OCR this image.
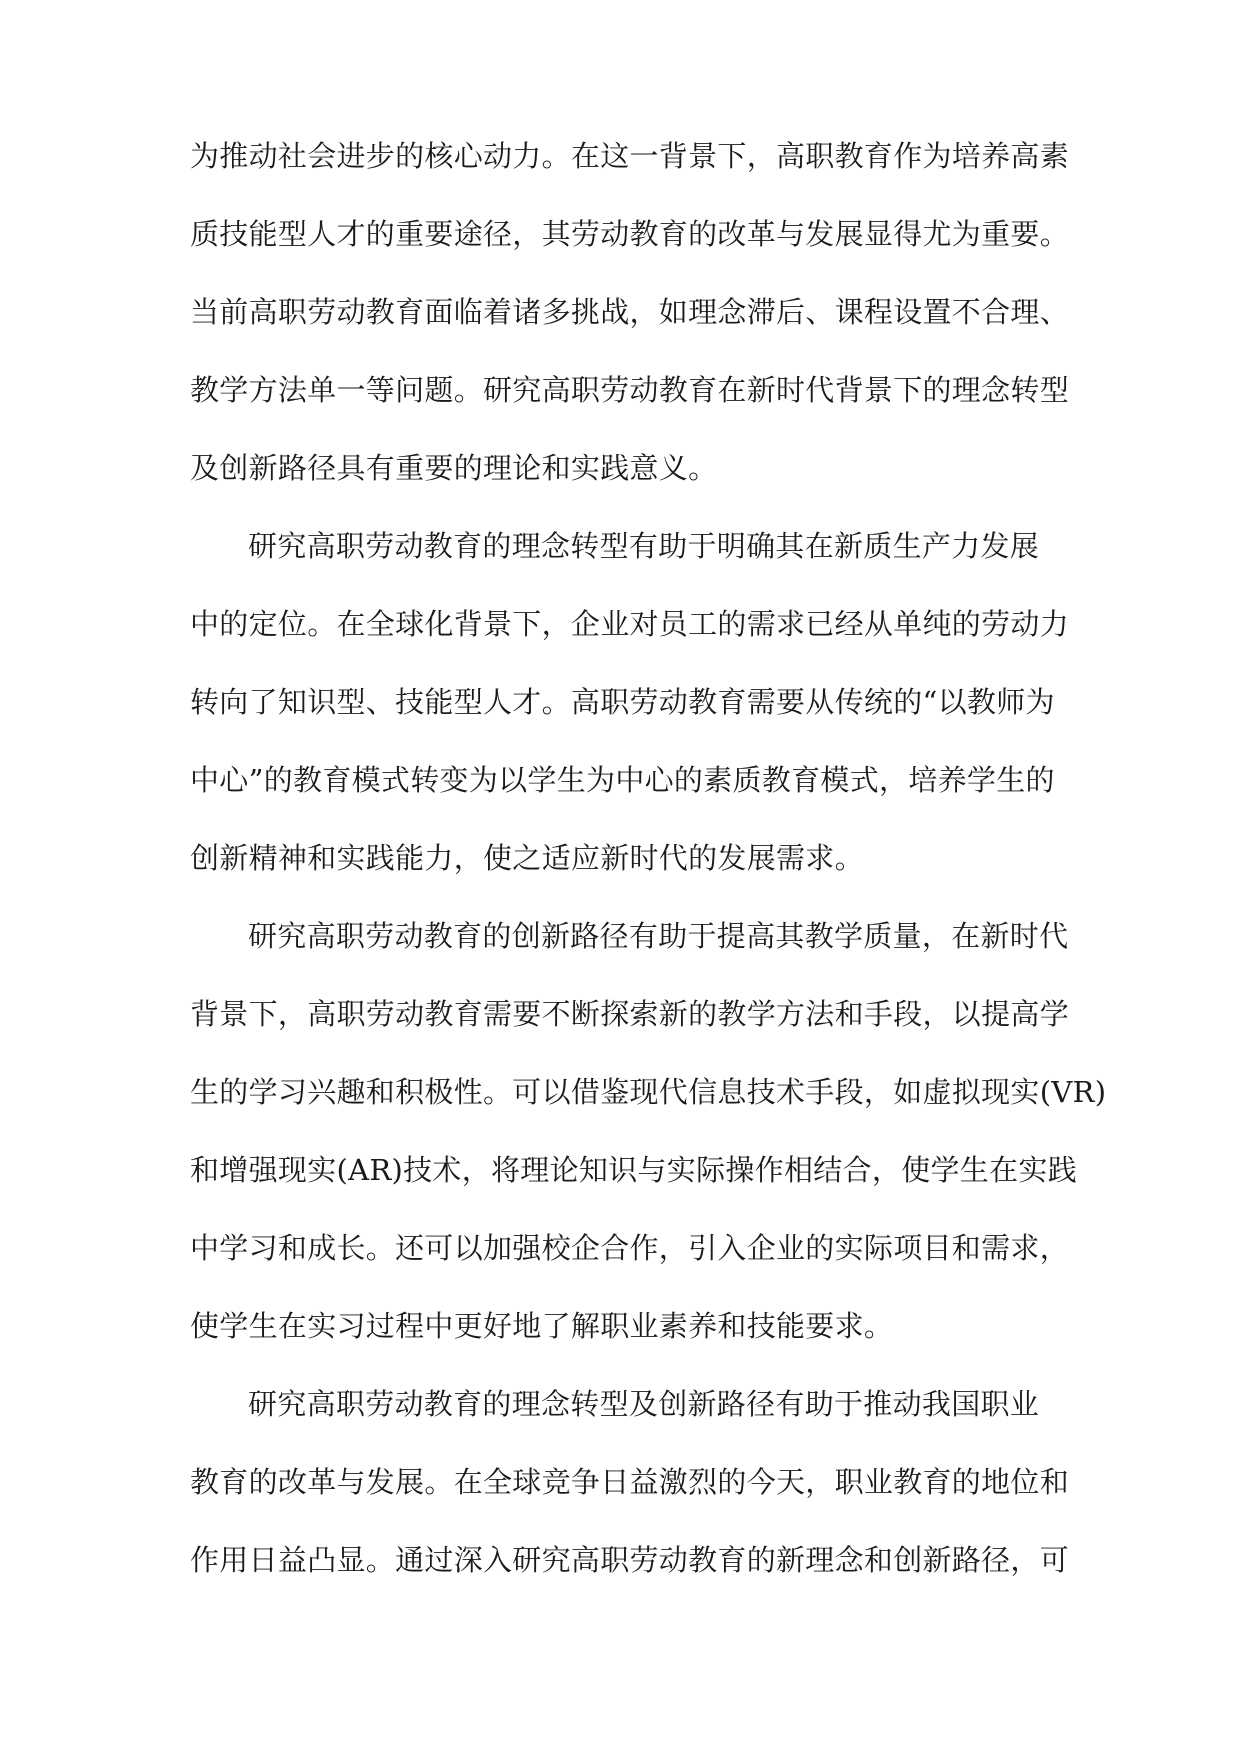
为推动社会进步的核心动力。在这一背景下，高职教育作为培养高素
质技能型人才的重要途径，其劳动教育的改革与发展显得尤为重要。
当前高职劳动教育面临着诸多挑战，如理念滞后、课程设置不合理、
教学方法单一等问题。研究高职劳动教育在新时代背景下的理念转型
及创新路径具有重要的理论和实践意义。
研究高职劳动教育的理念转型有助于明确其在新质生产力发展
中的定位。在全球化背景下，企业对员工的需求已经从单纯的劳动力
转向了知识型、技能型人才。高职劳动教育需要从传统的“以教师为
中心”的教育模式转变为以学生为中心的素质教育模式，培养学生的
创新精神和实践能力，使之适应新时代的发展需求。
研究高职劳动教育的创新路径有助于提高其教学质量，在新时代
背景下，高职劳动教育需要不断探索新的教学方法和手段，以提高学
生的学习兴趣和积极性。可以借鉴现代信息技术手段，如虚拟现实(VR)
和增强现实(AR)技术，将理论知识与实际操作相结合，使学生在实践
中学习和成长。还可以加强校企合作，引入企业的实际项目和需求，
使学生在实习过程中更好地了解职业素养和技能要求。
研究高职劳动教育的理念转型及创新路径有助于推动我国职业
教育的改革与发展。在全球竞争日益激烈的今天，职业教育的地位和
作用日益凸显。通过深入研究高职劳动教育的新理念和创新路径，可
